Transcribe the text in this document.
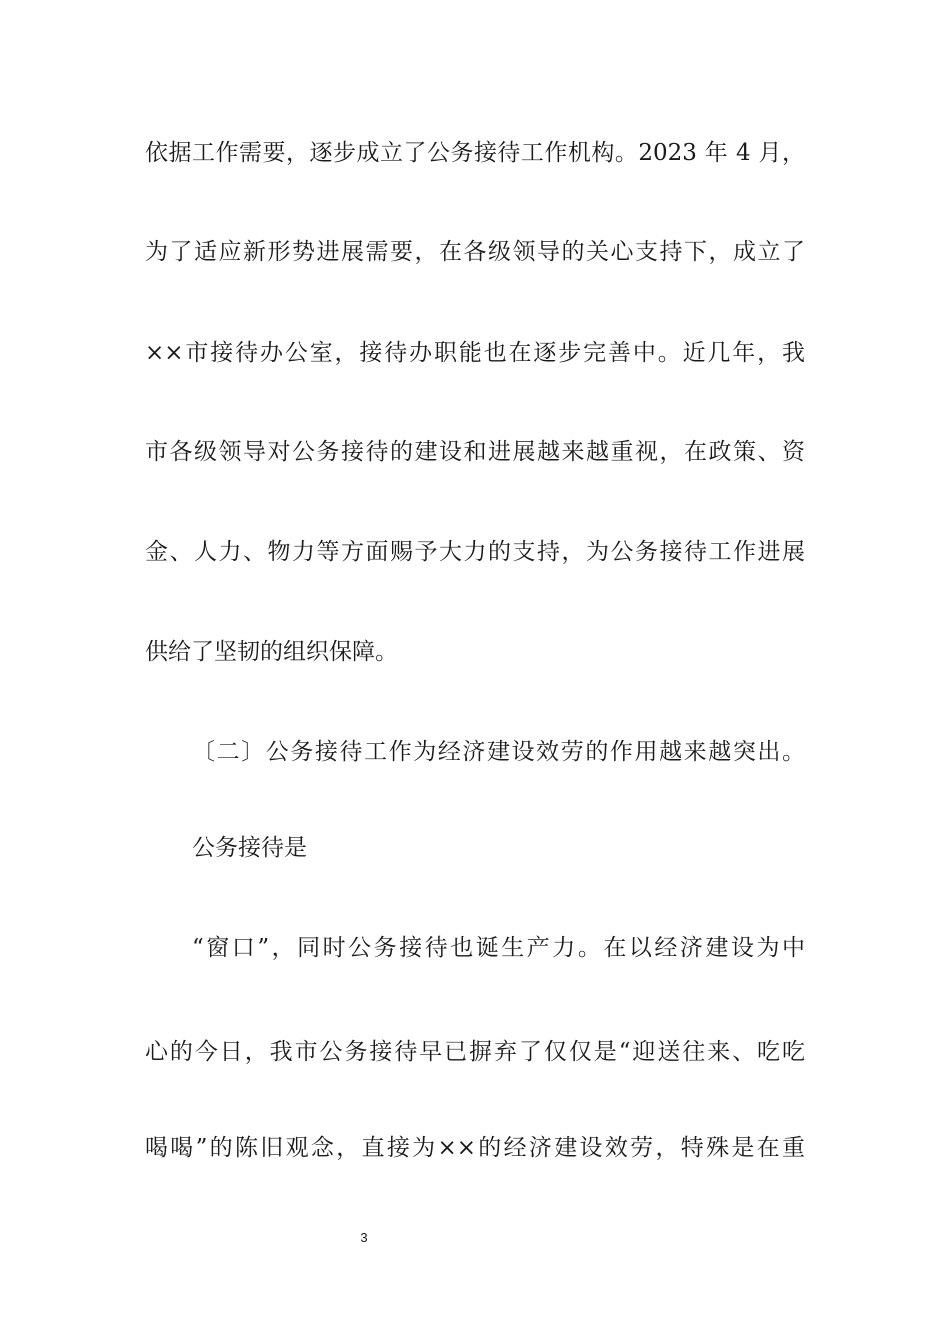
依据工作需要，逐步成立了公务接待工作机构。2023 年 4 月，

为了适应新形势进展需要，在各级领导的关心支持下，成立了

××市接待办公室，接待办职能也在逐步完善中。近几年，我

市各级领导对公务接待的建设和进展越来越重视，在政策、资

金、人力、物力等方面赐予大力的支持，为公务接待工作进展

供给了坚韧的组织保障。

〔二〕公务接待工作为经济建设效劳的作用越来越突出。

公务接待是

“窗口”，同时公务接待也诞生产力。在以经济建设为中

心的今日，我市公务接待早已摒弃了仅仅是“迎送往来、吃吃

喝喝”的陈旧观念，直接为××的经济建设效劳，特殊是在重

3
